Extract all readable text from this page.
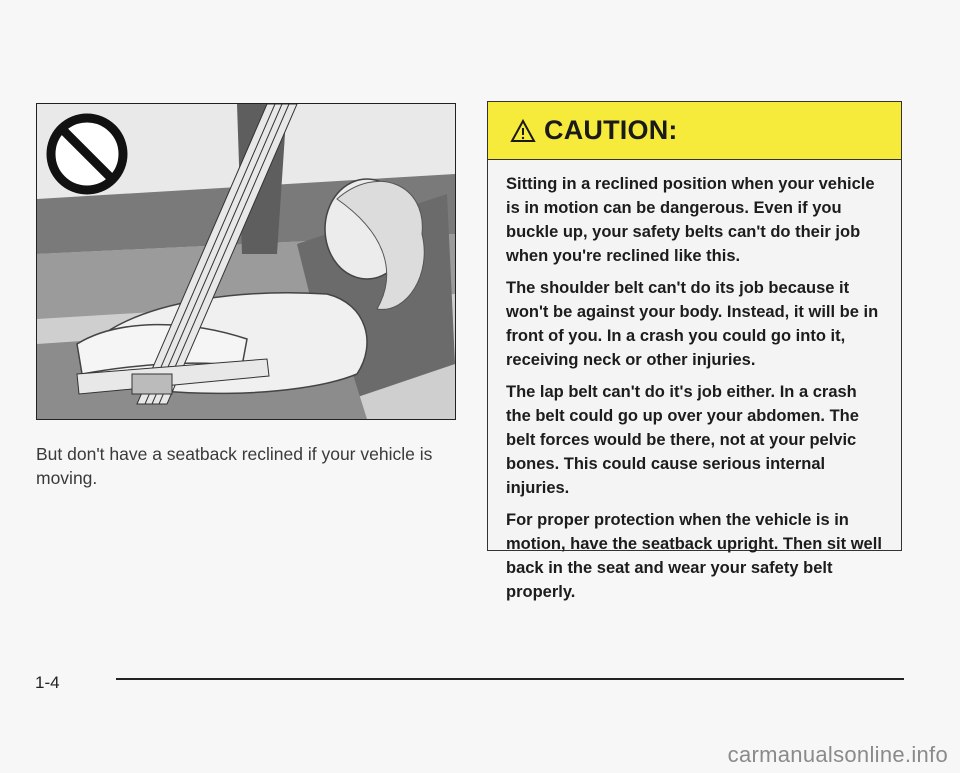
But don't have a seatback reclined if your vehicle is moving.

CAUTION:

Sitting in a reclined position when your vehicle is in motion can be dangerous. Even if you buckle up, your safety belts can't do their job when you're reclined like this.

The shoulder belt can't do its job because it won't be against your body. Instead, it will be in front of you. In a crash you could go into it, receiving neck or other injuries.

The lap belt can't do it's job either. In a crash the belt could go up over your abdomen. The belt forces would be there, not at your pelvic bones. This could cause serious internal injuries.

For proper protection when the vehicle is in motion, have the seatback upright. Then sit well back in the seat and wear your safety belt properly.

1-4

carmanualsonline.info
